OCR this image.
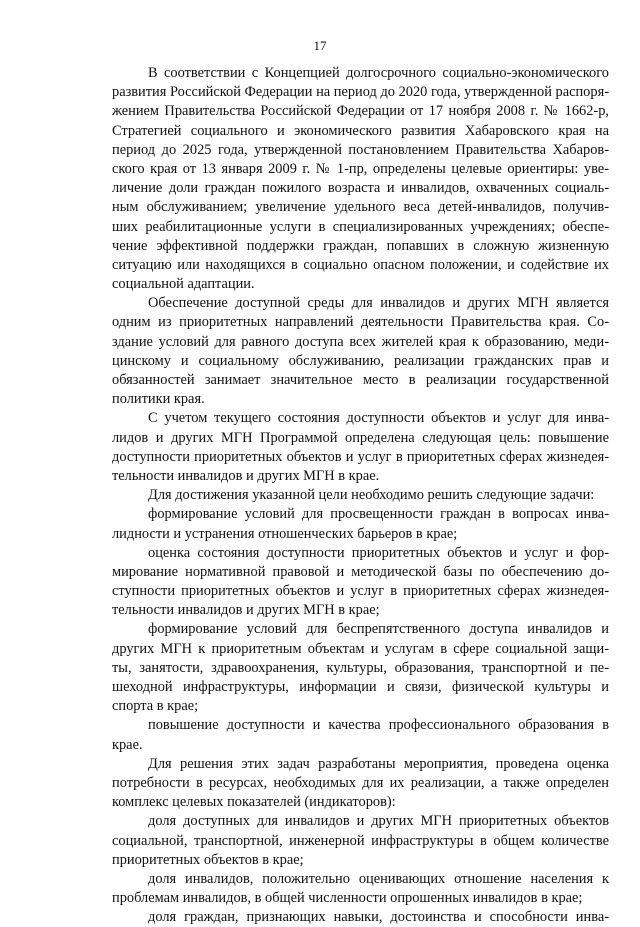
17
В соответствии с Концепцией долгосрочного социально-экономического
развития Российской Федерации на период до 2020 года, утвержденной распоря-
жением Правительства Российской Федерации от 17 ноября 2008 г. № 1662-р,
Стратегией социального и экономического развития Хабаровского края на
период до 2025 года, утвержденной постановлением Правительства Хабаров-
ского края от 13 января 2009 г. № 1-пр, определены целевые ориентиры: уве-
личение доли граждан пожилого возраста и инвалидов, охваченных социаль-
ным обслуживанием; увеличение удельного веса детей-инвалидов, получив-
ших реабилитационные услуги в специализированных учреждениях; обеспе-
чение эффективной поддержки граждан, попавших в сложную жизненную
ситуацию или находящихся в социально опасном положении, и содействие их
социальной адаптации.
Обеспечение доступной среды для инвалидов и других МГН является
одним из приоритетных направлений деятельности Правительства края. Со-
здание условий для равного доступа всех жителей края к образованию, меди-
цинскому и социальному обслуживанию, реализации гражданских прав и
обязанностей занимает значительное место в реализации государственной
политики края.
С учетом текущего состояния доступности объектов и услуг для инва-
лидов и других МГН Программой определена следующая цель: повышение
доступности приоритетных объектов и услуг в приоритетных сферах жизнедея-
тельности инвалидов и других МГН в крае.
Для достижения указанной цели необходимо решить следующие задачи:
формирование условий для просвещенности граждан в вопросах инва-
лидности и устранения отношенческих барьеров в крае;
оценка состояния доступности приоритетных объектов и услуг и фор-
мирование нормативной правовой и методической базы по обеспечению до-
ступности приоритетных объектов и услуг в приоритетных сферах жизнедея-
тельности инвалидов и других МГН в крае;
формирование условий для беспрепятственного доступа инвалидов и
других МГН к приоритетным объектам и услугам в сфере социальной защи-
ты, занятости, здравоохранения, культуры, образования, транспортной и пе-
шеходной инфраструктуры, информации и связи, физической культуры и
спорта в крае;
повышение доступности и качества профессионального образования в
крае.
Для решения этих задач разработаны мероприятия, проведена оценка
потребности в ресурсах, необходимых для их реализации, а также определен
комплекс целевых показателей (индикаторов):
доля доступных для инвалидов и других МГН приоритетных объектов
социальной, транспортной, инженерной инфраструктуры в общем количестве
приоритетных объектов в крае;
доля инвалидов, положительно оценивающих отношение населения к
проблемам инвалидов, в общей численности опрошенных инвалидов в крае;
доля граждан, признающих навыки, достоинства и способности инва-
